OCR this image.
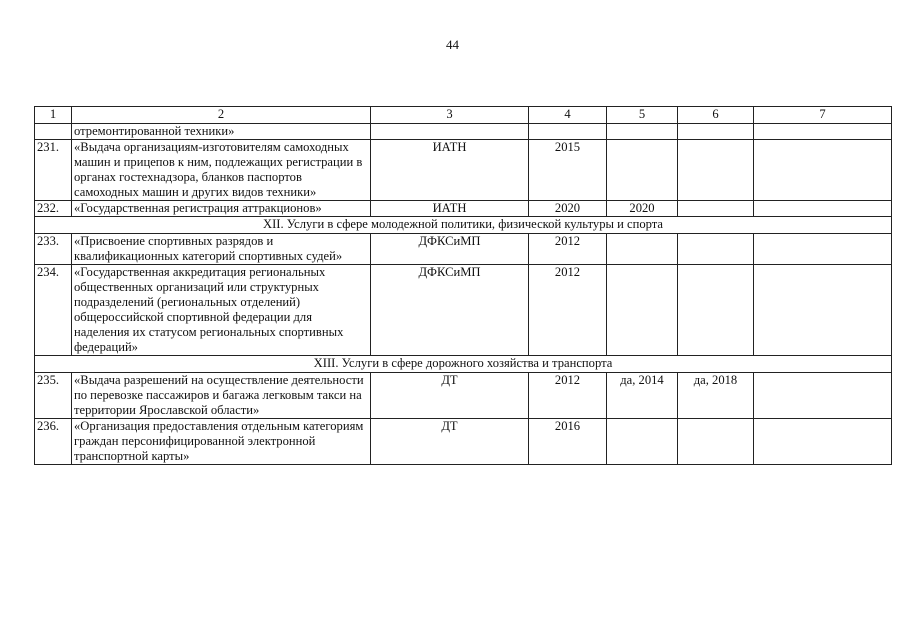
44
1	2	3	4	5	6	7
	отремонтированной техники»					
231.	«Выдача организациям-изготовителям самоходных машин и прицепов к ним, подлежащих регистрации в органах гостехнадзора, бланков паспортов самоходных машин и других видов техники»	ИАТН	2015			
232.	«Государственная регистрация аттракционов»	ИАТН	2020	2020		
XII. Услуги в сфере молодежной политики, физической культуры и спорта						
233.	«Присвоение спортивных разрядов и квалификационных категорий спортивных судей»	ДФКСиМП	2012			
234.	«Государственная аккредитация региональных общественных организаций или структурных подразделений (региональных отделений) общероссийской спортивной федерации для наделения их статусом региональных спортивных федераций»	ДФКСиМП	2012			
XIII. Услуги в сфере дорожного хозяйства и транспорта						
235.	«Выдача разрешений на осуществление деятельности по перевозке пассажиров и багажа легковым такси на территории Ярославской области»	ДТ	2012	да, 2014	да, 2018	
236.	«Организация предоставления отдельным категориям граждан персонифицированной электронной транспортной карты»	ДТ	2016			
